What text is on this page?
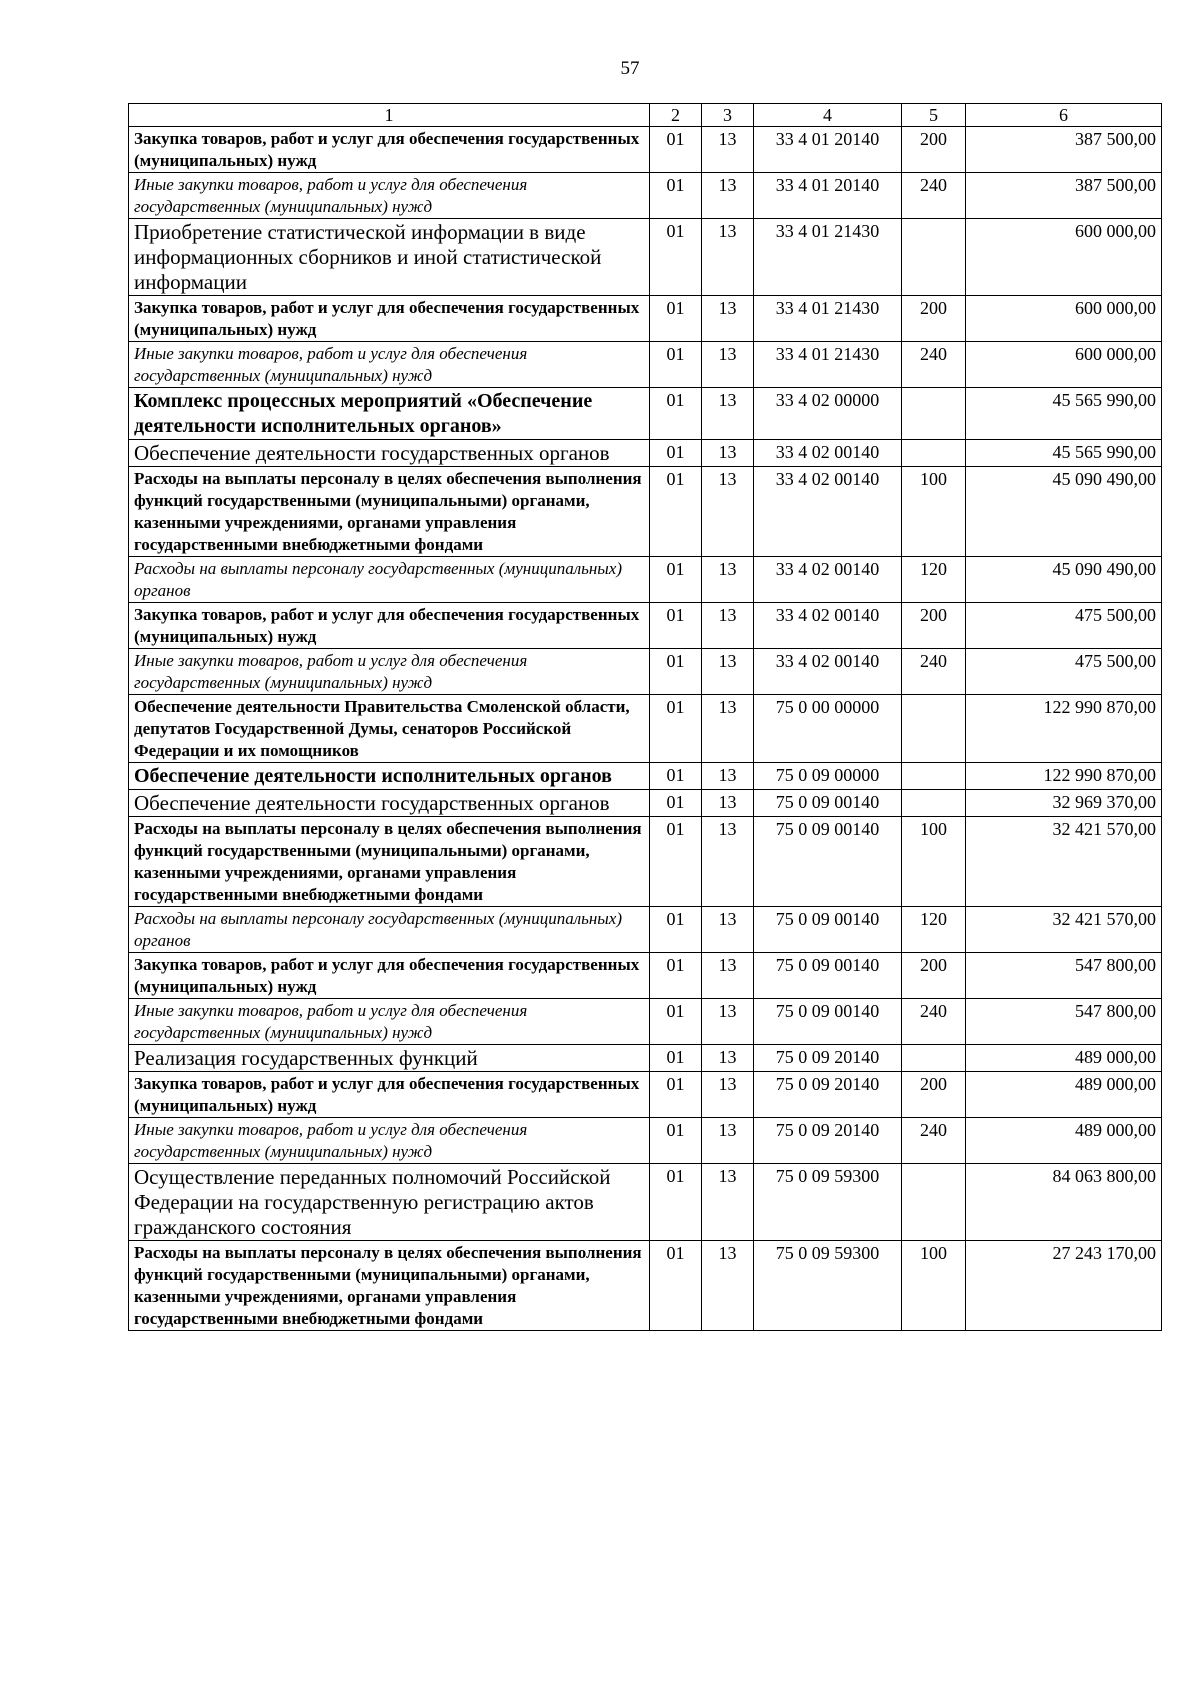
57
1	2	3	4	5	6
Закупка товаров, работ и услуг для обеспечения государственных (муниципальных) нужд	01	13	33 4 01 20140	200	387 500,00
Иные закупки товаров, работ и услуг для обеспечения государственных (муниципальных) нужд	01	13	33 4 01 20140	240	387 500,00
Приобретение статистической информации в виде информационных сборников и иной статистической информации	01	13	33 4 01 21430		600 000,00
Закупка товаров, работ и услуг для обеспечения государственных (муниципальных) нужд	01	13	33 4 01 21430	200	600 000,00
Иные закупки товаров, работ и услуг для обеспечения государственных (муниципальных) нужд	01	13	33 4 01 21430	240	600 000,00
Комплекс процессных мероприятий «Обеспечение деятельности исполнительных органов»	01	13	33 4 02 00000		45 565 990,00
Обеспечение деятельности государственных органов	01	13	33 4 02 00140		45 565 990,00
Расходы на выплаты персоналу в целях обеспечения выполнения функций государственными (муниципальными) органами, казенными учреждениями, органами управления государственными внебюджетными фондами	01	13	33 4 02 00140	100	45 090 490,00
Расходы на выплаты персоналу государственных (муниципальных) органов	01	13	33 4 02 00140	120	45 090 490,00
Закупка товаров, работ и услуг для обеспечения государственных (муниципальных) нужд	01	13	33 4 02 00140	200	475 500,00
Иные закупки товаров, работ и услуг для обеспечения государственных (муниципальных) нужд	01	13	33 4 02 00140	240	475 500,00
Обеспечение деятельности Правительства Смоленской области, депутатов Государственной Думы, сенаторов Российской Федерации и их помощников	01	13	75 0 00 00000		122 990 870,00
Обеспечение деятельности исполнительных органов	01	13	75 0 09 00000		122 990 870,00
Обеспечение деятельности государственных органов	01	13	75 0 09 00140		32 969 370,00
Расходы на выплаты персоналу в целях обеспечения выполнения функций государственными (муниципальными) органами, казенными учреждениями, органами управления государственными внебюджетными фондами	01	13	75 0 09 00140	100	32 421 570,00
Расходы на выплаты персоналу государственных (муниципальных) органов	01	13	75 0 09 00140	120	32 421 570,00
Закупка товаров, работ и услуг для обеспечения государственных (муниципальных) нужд	01	13	75 0 09 00140	200	547 800,00
Иные закупки товаров, работ и услуг для обеспечения государственных (муниципальных) нужд	01	13	75 0 09 00140	240	547 800,00
Реализация государственных функций	01	13	75 0 09 20140		489 000,00
Закупка товаров, работ и услуг для обеспечения государственных (муниципальных) нужд	01	13	75 0 09 20140	200	489 000,00
Иные закупки товаров, работ и услуг для обеспечения государственных (муниципальных) нужд	01	13	75 0 09 20140	240	489 000,00
Осуществление переданных полномочий Российской Федерации на государственную регистрацию актов гражданского состояния	01	13	75 0 09 59300		84 063 800,00
Расходы на выплаты персоналу в целях обеспечения выполнения функций государственными (муниципальными) органами, казенными учреждениями, органами управления государственными внебюджетными фондами	01	13	75 0 09 59300	100	27 243 170,00
